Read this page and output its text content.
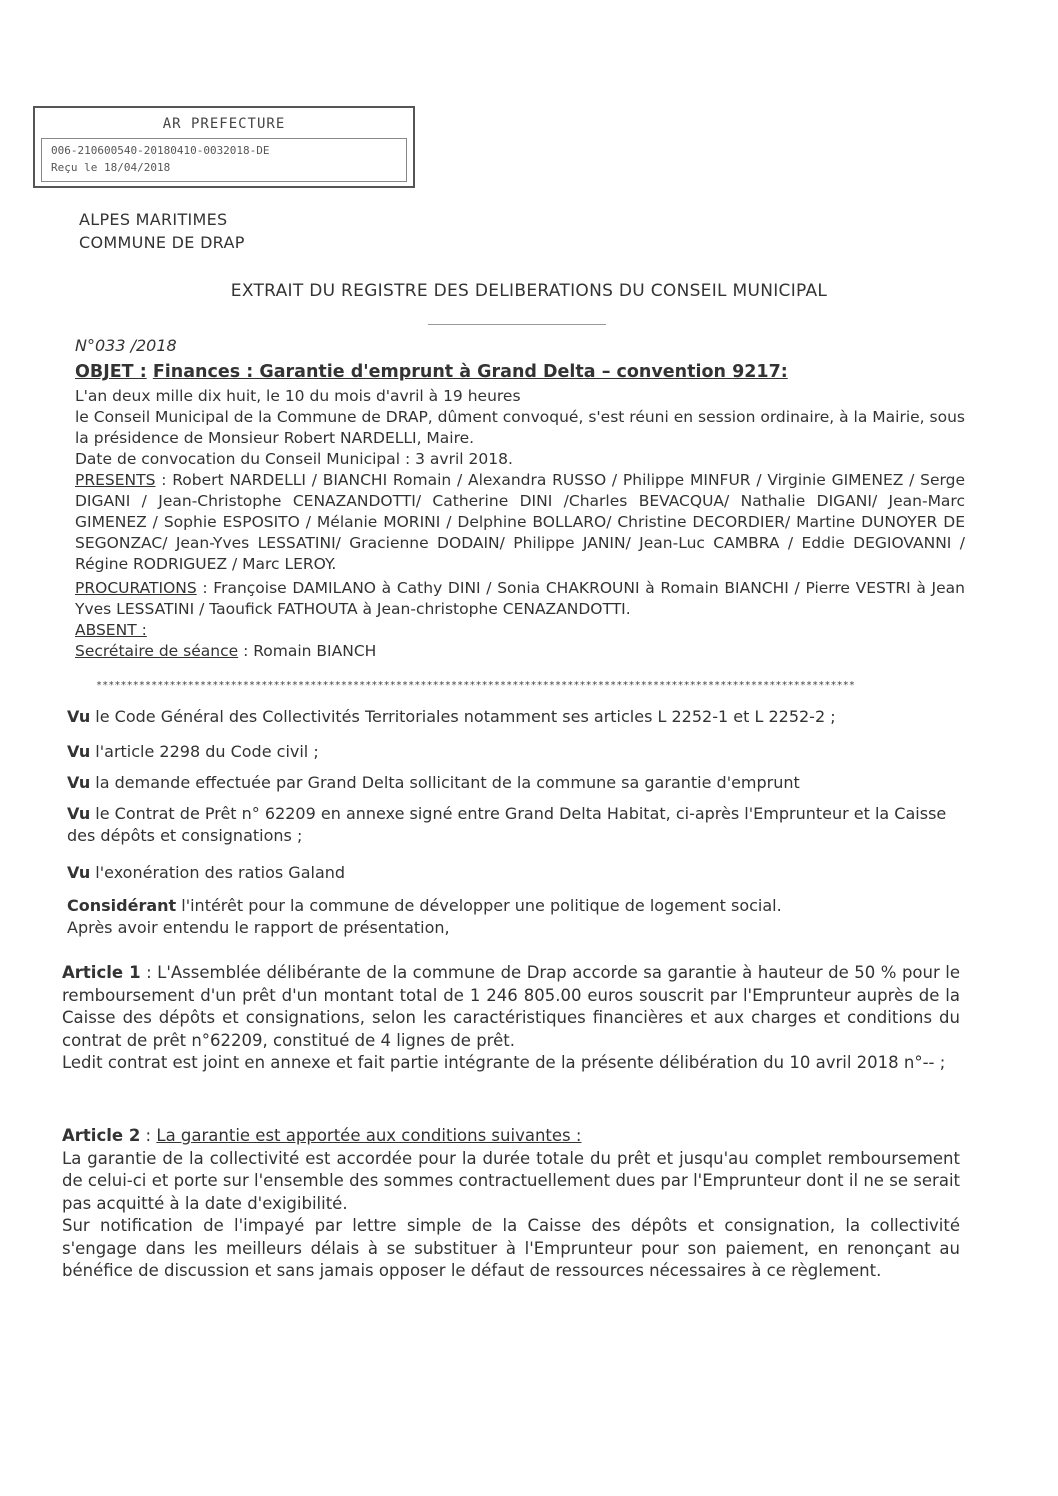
AR PREFECTURE
006-210600540-20180410-0032018-DE
Reçu le 18/04/2018
ALPES MARITIMES
COMMUNE DE DRAP
EXTRAIT DU REGISTRE DES DELIBERATIONS DU CONSEIL MUNICIPAL
N°033 /2018
OBJET : Finances : Garantie d'emprunt à Grand Delta – convention 9217:
L'an deux mille dix huit, le 10 du mois d'avril à 19 heures
le Conseil Municipal de la Commune de DRAP, dûment convoqué, s'est réuni en session ordinaire, à la Mairie, sous la présidence de Monsieur Robert NARDELLI, Maire.
Date de convocation du Conseil Municipal : 3 avril 2018.
PRESENTS : Robert NARDELLI / BIANCHI Romain / Alexandra RUSSO / Philippe MINFUR / Virginie GIMENEZ / Serge DIGANI / Jean-Christophe CENAZANDOTTI/ Catherine DINI /Charles BEVACQUA/ Nathalie DIGANI/ Jean-Marc GIMENEZ / Sophie ESPOSITO / Mélanie MORINI / Delphine BOLLARO/ Christine DECORDIER/ Martine DUNOYER DE SEGONZAC/ Jean-Yves LESSATINI/ Gracienne DODAIN/ Philippe JANIN/ Jean-Luc CAMBRA / Eddie DEGIOVANNI / Régine RODRIGUEZ / Marc LEROY.
PROCURATIONS : Françoise DAMILANO à Cathy DINI / Sonia CHAKROUNI à Romain BIANCHI / Pierre VESTRI à Jean Yves LESSATINI / Taoufick FATHOUTA à Jean-christophe CENAZANDOTTI.
ABSENT :
Secrétaire de séance : Romain BIANCH
****************************************************************************************************************************
Vu le Code Général des Collectivités Territoriales notamment ses articles L 2252-1 et L 2252-2 ;
Vu l'article 2298 du Code civil ;
Vu la demande effectuée par Grand Delta sollicitant de la commune sa garantie d'emprunt
Vu le Contrat de Prêt n° 62209 en annexe signé entre Grand Delta Habitat, ci-après l'Emprunteur et la Caisse des dépôts et consignations ;
Vu l'exonération des ratios Galand
Considérant l'intérêt pour la commune de développer une politique de logement social.
Après avoir entendu le rapport de présentation,
Article 1 : L'Assemblée délibérante de la commune de Drap accorde sa garantie à hauteur de 50 % pour le remboursement d'un prêt d'un montant total de 1 246 805.00 euros souscrit par l'Emprunteur auprès de la Caisse des dépôts et consignations, selon les caractéristiques financières et aux charges et conditions du contrat de prêt n°62209, constitué de 4 lignes de prêt.
Ledit contrat est joint en annexe et fait partie intégrante de la présente délibération du 10 avril 2018 n°-- ;
Article 2 : La garantie est apportée aux conditions suivantes :
La garantie de la collectivité est accordée pour la durée totale du prêt et jusqu'au complet remboursement de celui-ci et porte sur l'ensemble des sommes contractuellement dues par l'Emprunteur dont il ne se serait pas acquitté à la date d'exigibilité.
Sur notification de l'impayé par lettre simple de la Caisse des dépôts et consignation, la collectivité s'engage dans les meilleurs délais à se substituer à l'Emprunteur pour son paiement, en renonçant au bénéfice de discussion et sans jamais opposer le défaut de ressources nécessaires à ce règlement.
